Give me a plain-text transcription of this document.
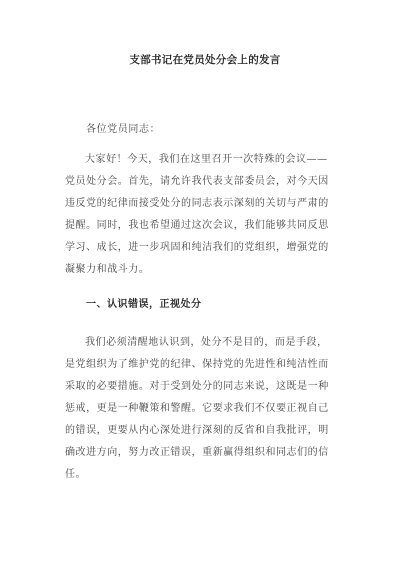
支部书记在党员处分会上的发言
各位党员同志：
大家好！今天，我们在这里召开一次特殊的会议——
党员处分会。首先，请允许我代表支部委员会，对今天因
违反党的纪律而接受处分的同志表示深刻的关切与严肃的
提醒。同时，我也希望通过这次会议，我们能够共同反思
学习、成长，进一步巩固和纯洁我们的党组织，增强党的
凝聚力和战斗力。
一、认识错误，正视处分
我们必须清醒地认识到，处分不是目的，而是手段，
是党组织为了维护党的纪律、保持党的先进性和纯洁性而
采取的必要措施。对于受到处分的同志来说，这既是一种
惩戒，更是一种鞭策和警醒。它要求我们不仅要正视自己
的错误，更要从内心深处进行深刻的反省和自我批评，明
确改进方向，努力改正错误，重新赢得组织和同志们的信
任。
